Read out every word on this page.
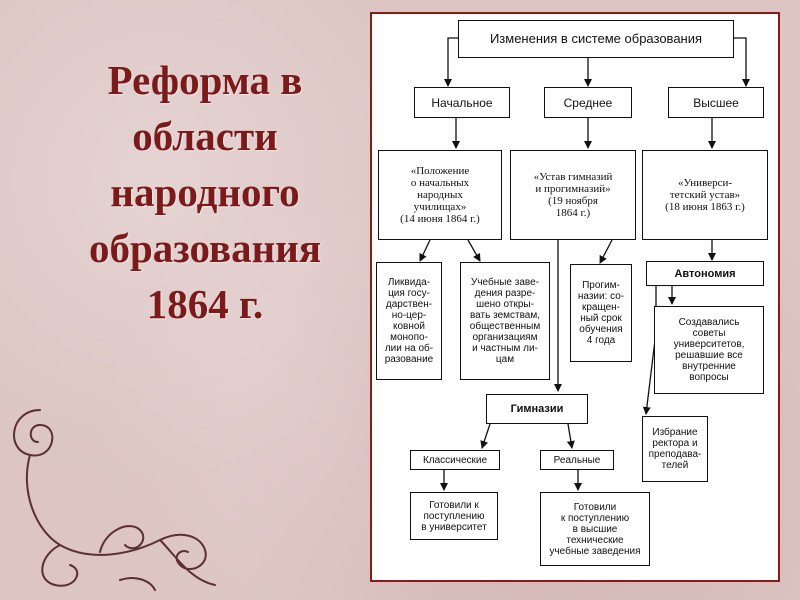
Реформа в
области
народного
образования
1864 г.
Изменения в системе образования
Начальное	Среднее	Высшее
«Положение
о начальных
народных
училищах»
(14 июня 1864 г.)
«Устав гимназий
и прогимназий»
(19 ноября
1864 г.)
«Универси-
тетский устав»
(18 июня 1863 г.)
Ликвида-
ция госу-
дарствен-
но-цер-
ковной
монопо-
лии на об-
разование
Учебные заве-
дения разре-
шено откры-
вать земствам,
общественным
организациям
и частным ли-
цам
Прогим-
назии: со-
кращен-
ный срок
обучения
4 года
Автономия
Создавались
советы
университетов,
решавшие все
внутренние
вопросы
Избрание
ректора и
преподава-
телей
Гимназии
Классические	Реальные
Готовили к
поступлению
в университет
Готовили
к поступлению
в высшие
технические
учебные заведения
